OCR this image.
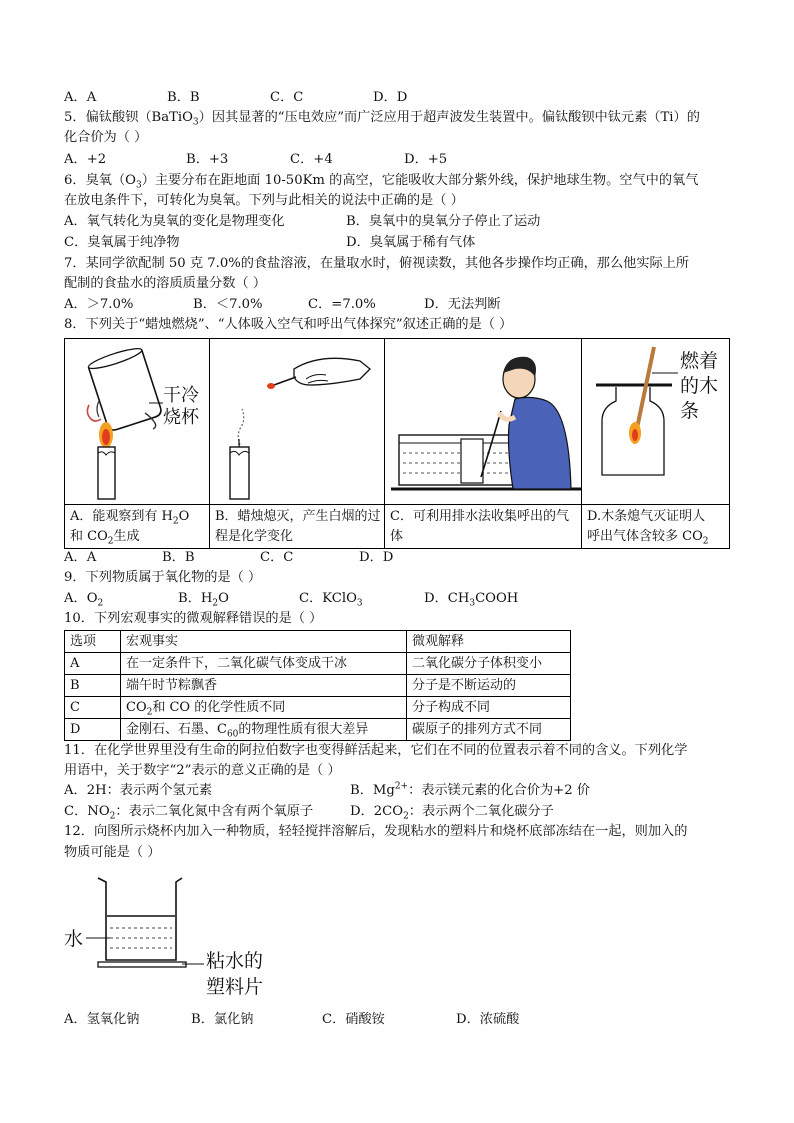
A．A	B．B	C．C	D．D
5．偏钛酸钡（BaTiO$_3$）因其显著的“压电效应”而广泛应用于超声波发生装置中。偏钛酸钡中钛元素（Ti）的
化合价为（ ）
A．+2	B．+3	C．+4	D．+5
6．臭氧$(O_3)$主要分布在距地面 10-50Km 的高空，它能吸收大部分紫外线，保护地球生物。空气中的氧气
在放电条件下，可转化为臭氧。下列与此相关的说法中正确的是（ ）
A．氧气转化为臭氧的变化是物理变化	B．臭氧中的臭氧分子停止了运动
C．臭氧属于纯净物	D．臭氧属于稀有气体
7．某同学欲配制 50 克 7.0%的食盐溶液，在量取水时，俯视读数，其他各步操作均正确，那么他实际上所
配制的食盐水的溶质质量分数（ ）
A．＞7.0%	B．＜7.0%	C．=7.0%	D．无法判断
8．下列关于“蜡烛燃烧”、“人体吸入空气和呼出气体探究”叙述正确的是（ ）
干冷烧杯
A．能观察到有 $H_2O$
和 $CO_2$生成
B．蜡烛熄灭，产生白烟的过程是化学变化
C．可利用排水法收集呼出的气体
燃着的木条
D.木条熄气灭证明人
呼出气体含较多 $CO_2$
A．A	B．B	C．C	D．D
9．下列物质属于氧化物的是（ ）
A．$O_2$	B．$H_2O$	C．KClO$_3$	D．$CH_3COOH$
10．下列宏观事实的微观解释错误的是（ ）
选项	宏观事实	微观解释
A	在一定条件下，二氧化碳气体变成干冰	二氧化碳分子体积变小
B	端午时节粽飘香	分子是不断运动的
C	$CO_2$和 CO 的化学性质不同	分子构成不同
D	金刚石、石墨、$C_{60}$的物理性质有很大差异	碳原子的排列方式不同
11．在化学世界里没有生命的阿拉伯数字也变得鲜活起来，它们在不同的位置表示着不同的含义。下列化学
用语中，关于数字“2”表示的意义正确的是（ ）
A．2H：表示两个氢元素	B．$Mg^{2+}$：表示镁元素的化合价为+2 价
C．$NO_2$：表示二氧化氮中含有两个氧原子	D．$2CO_2$：表示两个二氧化碳分子
12．向图所示烧杯内加入一种物质，轻轻搅拌溶解后，发现粘水的塑料片和烧杯底部冻结在一起，则加入的
物质可能是（ ）
水
粘水的
塑料片
A．氢氧化钠	B．氯化钠	C．硝酸铵	D．浓硫酸
